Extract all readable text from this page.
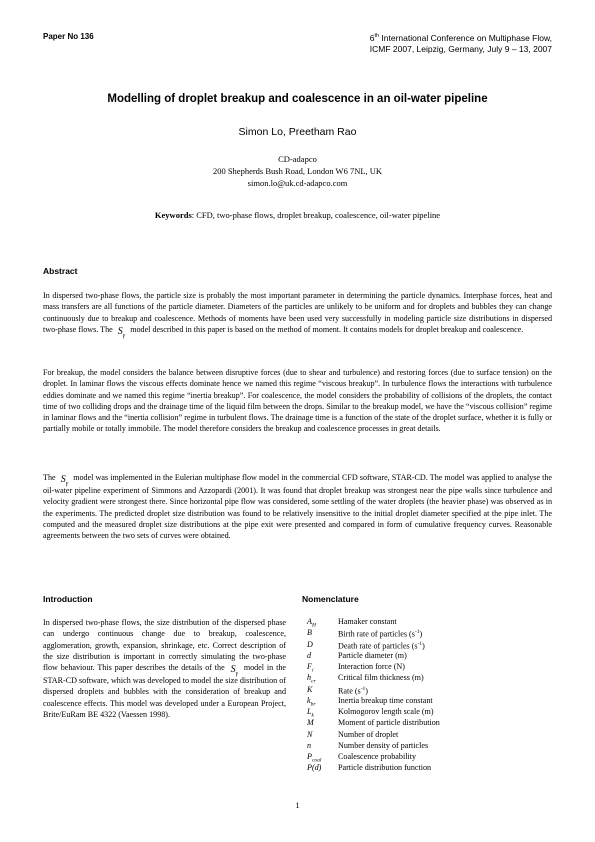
Paper No 136	6th International Conference on Multiphase Flow,
ICMF 2007, Leipzig, Germany, July 9 – 13, 2007
Modelling of droplet breakup and coalescence in an oil-water pipeline
Simon Lo, Preetham Rao
CD-adapco
200 Shepherds Bush Road, London W6 7NL, UK
simon.lo@uk.cd-adapco.com
Keywords: CFD, two-phase flows, droplet breakup, coalescence, oil-water pipeline
Abstract
In dispersed two-phase flows, the particle size is probably the most important parameter in determining the particle dynamics. Interphase forces, heat and mass transfers are all functions of the particle diameter. Diameters of the particles are unlikely to be uniform and for droplets and bubbles they can change continuously due to breakup and coalescence. Methods of moments have been used very successfully in modeling particle size distributions in dispersed two-phase flows. The $S_\gamma$ model described in this paper is based on the method of moment. It contains models for droplet breakup and coalescence.
For breakup, the model considers the balance between disruptive forces (due to shear and turbulence) and restoring forces (due to surface tension) on the droplet. In laminar flows the viscous effects dominate hence we named this regime “viscous breakup”. In turbulence flows the interactions with turbulence eddies dominate and we named this regime “inertia breakup”. For coalescence, the model considers the probability of collisions of the droplets, the contact time of two colliding drops and the drainage time of the liquid film between the drops. Similar to the breakup model, we have the “viscous collision” regime in laminar flows and the “inertia collision” regime in turbulent flows. The drainage time is a function of the state of the droplet surface, whether it is fully or partially mobile or totally immobile. The model therefore considers the breakup and coalescence processes in great details.
The $S_\gamma$ model was implemented in the Eulerian multiphase flow model in the commercial CFD software, STAR-CD. The model was applied to analyse the oil-water pipeline experiment of Simmons and Azzopardi (2001). It was found that droplet breakup was strongest near the pipe walls since turbulence and velocity gradient were strongest there. Since horizontal pipe flow was considered, some settling of the water droplets (the heavier phase) was observed as in the experiments. The predicted droplet size distribution was found to be relatively insensitive to the initial droplet diameter specified at the pipe inlet. The computed and the measured droplet size distributions at the pipe exit were presented and compared in form of cumulative frequency curves. Reasonable agreements between the two sets of curves were obtained.
Introduction
In dispersed two-phase flows, the size distribution of the dispersed phase can undergo continuous change due to breakup, coalescence, agglomeration, growth, expansion, shrinkage, etc. Correct description of the size distribution is important in correctly simulating the two-phase flow behaviour. This paper describes the details of the $S_\gamma$ model in the STAR-CD software, which was developed to model the size distribution of dispersed droplets and bubbles with the consideration of breakup and coalescence effects. This model was developed under a European Project, Brite/EuRam BE 4322 (Vaessen 1998).
Nomenclature
$A_H$	Hamaker constant
B	Birth rate of particles $(s^{-1})$
D	Death rate of particles $(s^{-1})$
d	Particle diameter (m)
$F_i$	Interaction force (N)
$h_{cr}$	Critical film thickness (m)
K	Rate $(s^{-1})$
$k_{br}$	Inertia breakup time constant
$L_k$	Kolmogorov length scale (m)
M	Moment of particle distribution
N	Number of droplet
n	Number density of particles
$P_{coal}$	Coalescence probability
P(d)	Particle distribution function
1
